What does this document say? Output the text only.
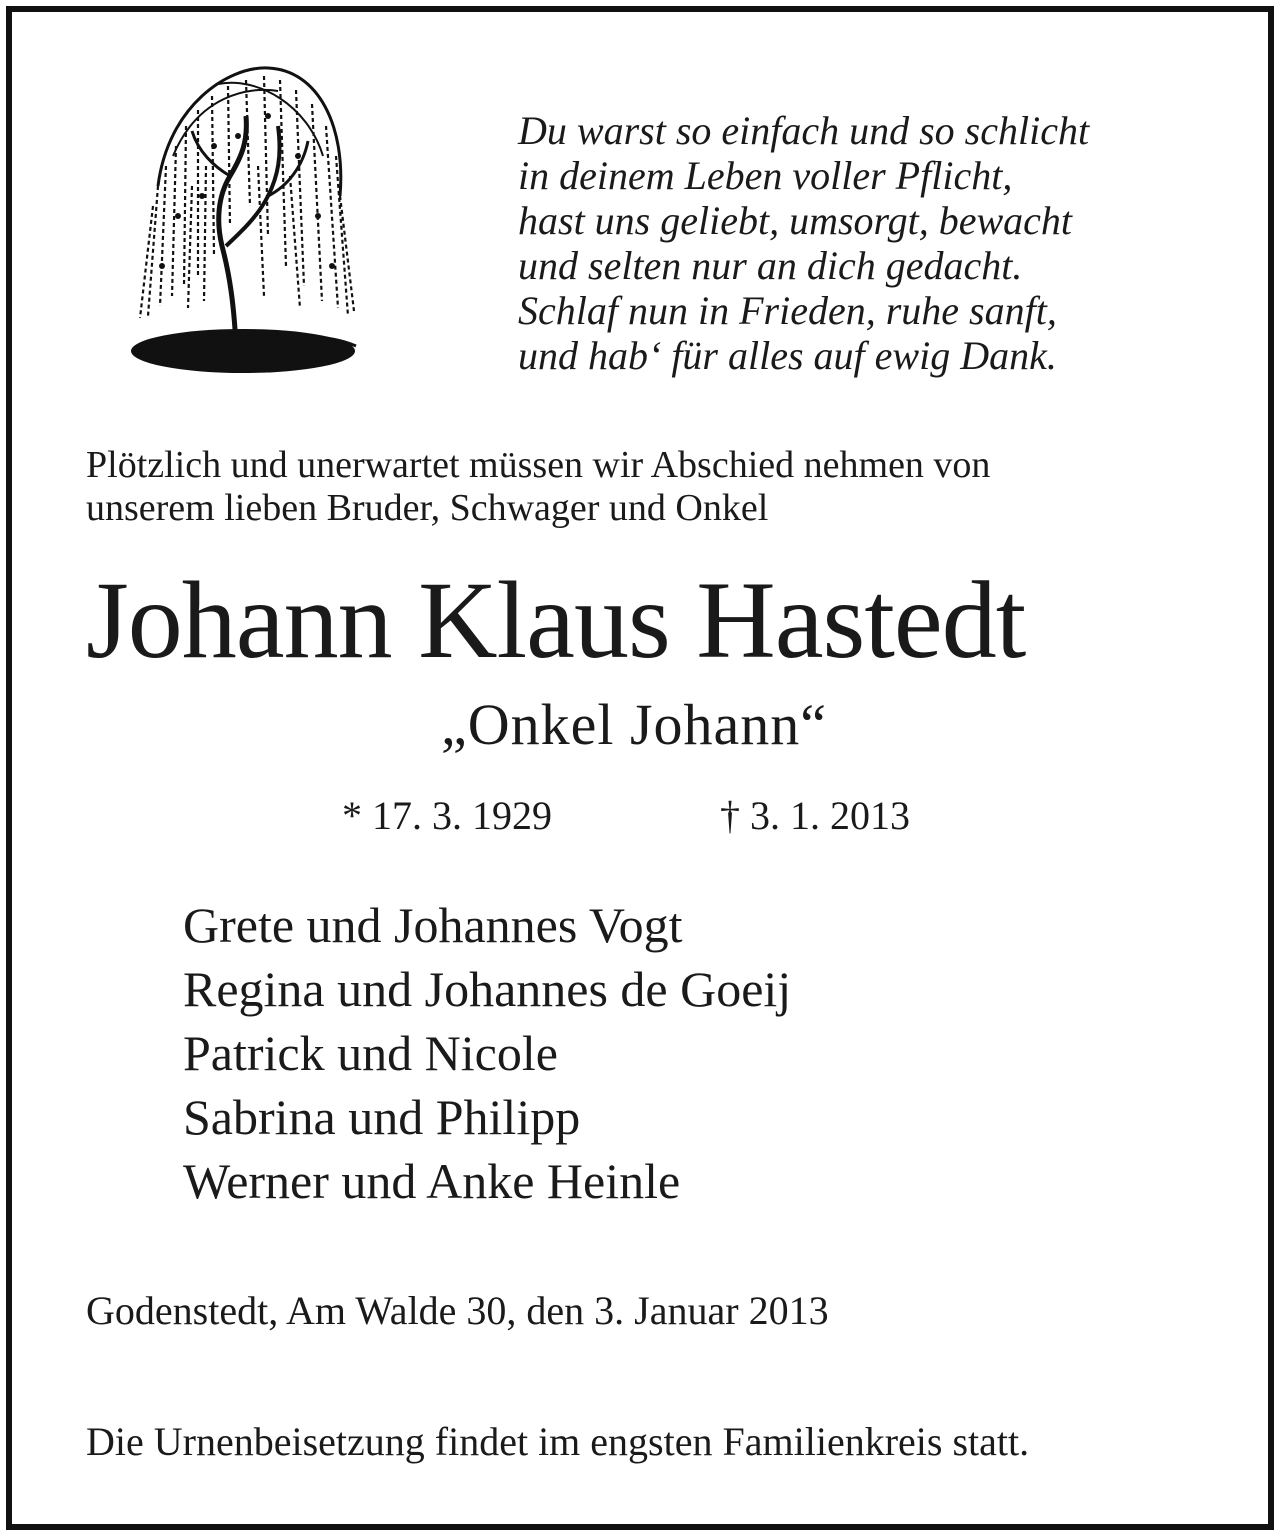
Du warst so einfach und so schlicht
in deinem Leben voller Pflicht,
hast uns geliebt, umsorgt, bewacht
und selten nur an dich gedacht.
Schlaf nun in Frieden, ruhe sanft,
und hab‘ für alles auf ewig Dank.
Plötzlich und unerwartet müssen wir Abschied nehmen von
unserem lieben Bruder, Schwager und Onkel
Johann Klaus Hastedt
„Onkel Johann“
* 17. 3. 1929	† 3. 1. 2013
Grete und Johannes Vogt
Regina und Johannes de Goeij
Patrick und Nicole
Sabrina und Philipp
Werner und Anke Heinle
Godenstedt, Am Walde 30, den 3. Januar 2013
Die Urnenbeisetzung findet im engsten Familienkreis statt.
